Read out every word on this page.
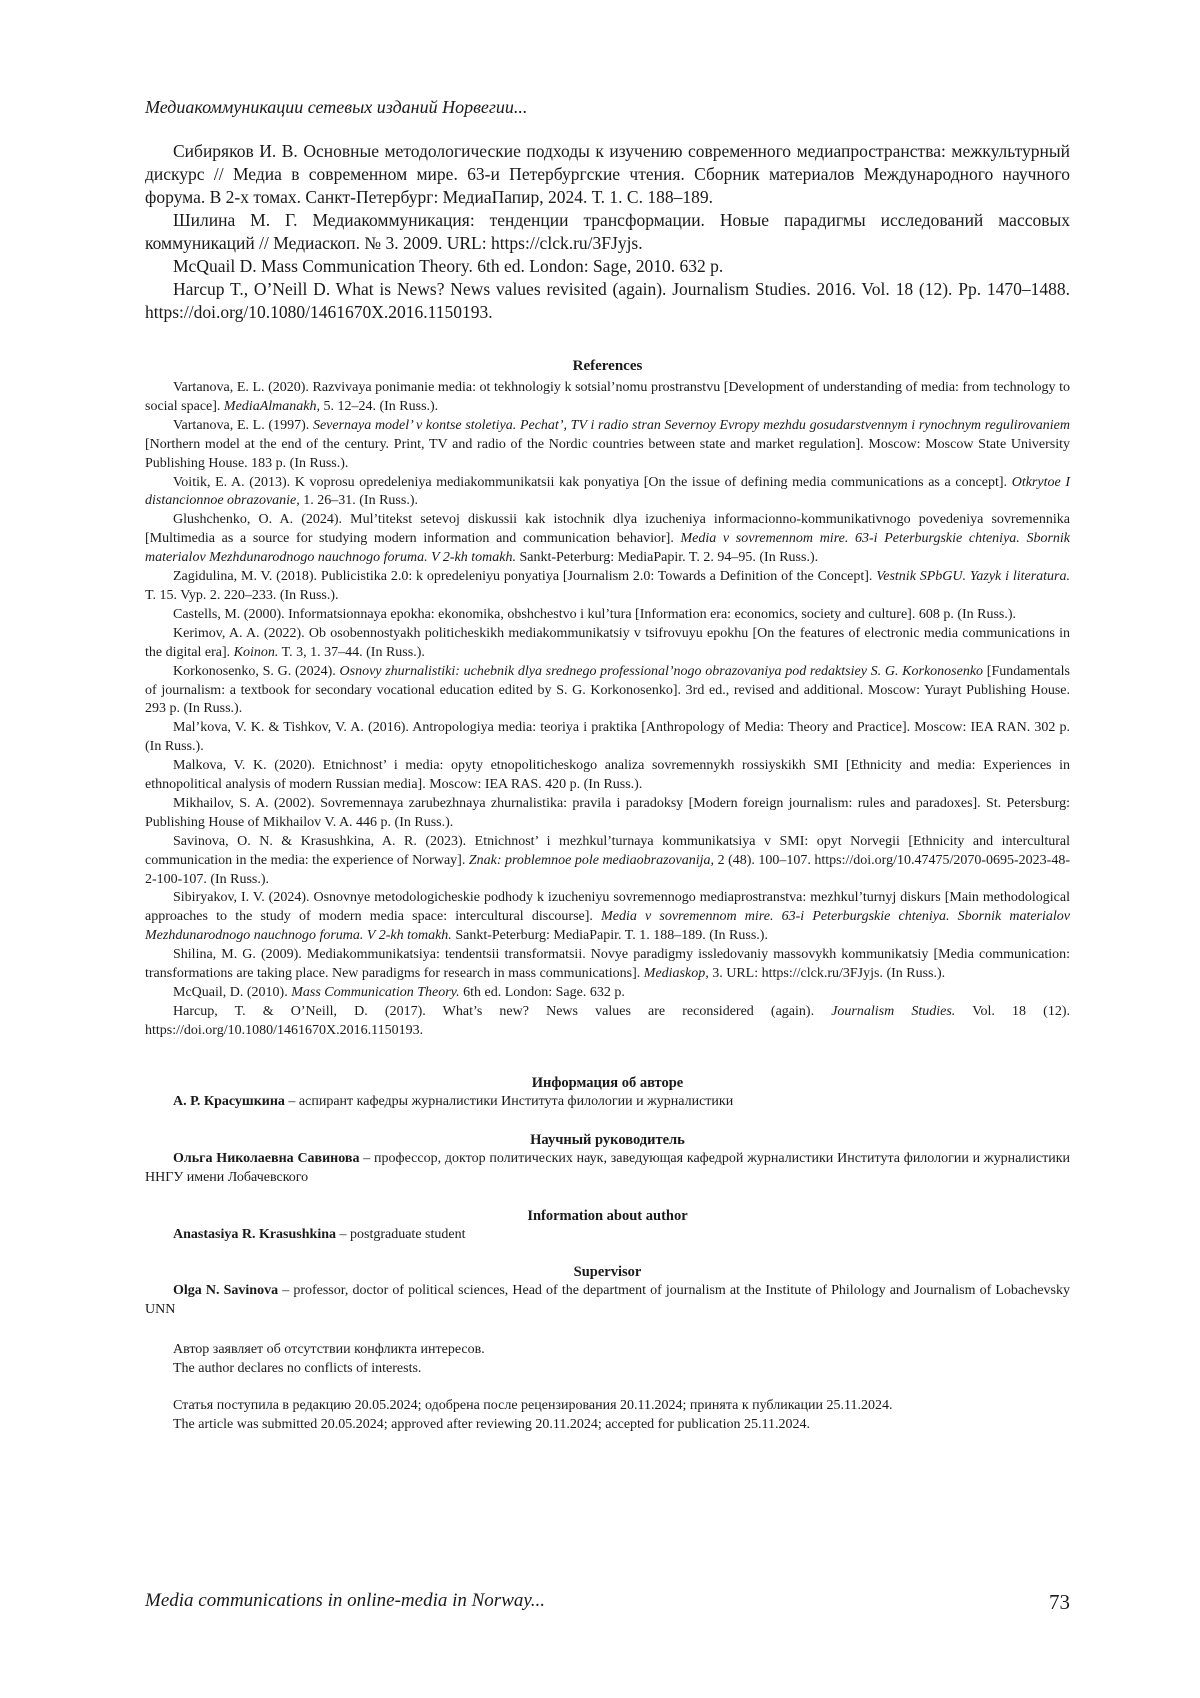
Медиакоммуникации сетевых изданий Норвегии...

Сибиряков И. В. Основные методологические подходы к изучению современного медиапространства: межкультурный дискурс // Медиа в современном мире. 63-и Петербургские чтения. Сборник материалов Международного научного форума. В 2-х томах. Санкт-Петербург: МедиаПапир, 2024. Т. 1. С. 188–189.

Шилина М. Г. Медиакоммуникация: тенденции трансформации. Новые парадигмы исследований массовых коммуникаций // Медиаскоп. № 3. 2009. URL: https://clck.ru/3FJyjs.

McQuail D. Mass Communication Theory. 6th ed. London: Sage, 2010. 632 p.

Harcup T., O’Neill D. What is News? News values revisited (again). Journalism Studies. 2016. Vol. 18 (12). Pp. 1470–1488. https://doi.org/10.1080/1461670X.2016.1150193.

References

Vartanova, E. L. (2020). Razvivaya ponimanie media: ot tekhnologiy k sotsial’nomu prostranstvu [Development of understanding of media: from technology to social space]. MediaAlmanakh, 5. 12–24. (In Russ.).

Vartanova, E. L. (1997). Severnaya model’ v kontse stoletiya. Pechat’, TV i radio stran Severnoy Evropy mezhdu gosudarstvennym i rynochnym regulirovaniem [Northern model at the end of the century. Print, TV and radio of the Nordic countries between state and market regulation]. Moscow: Moscow State University Publishing House. 183 p. (In Russ.).

Voitik, E. A. (2013). K voprosu opredeleniya mediakommunikatsii kak ponyatiya [On the issue of defining media communications as a concept]. Otkrytoe I distancionnoe obrazovanie, 1. 26–31. (In Russ.).

Glushchenko, O. A. (2024). Mul’titekst setevoj diskussii kak istochnik dlya izucheniya informacionno-kommunikativnogo povedeniya sovremennika [Multimedia as a source for studying modern information and communication behavior]. Media v sovremennom mire. 63-i Peterburgskie chteniya. Sbornik materialov Mezhdunarodnogo nauchnogo foruma. V 2-kh tomakh. Sankt-Peterburg: MediaPapir. T. 2. 94–95. (In Russ.).

Zagidulina, M. V. (2018). Publicistika 2.0: k opredeleniyu ponyatiya [Journalism 2.0: Towards a Definition of the Concept]. Vestnik SPbGU. Yazyk i literatura. T. 15. Vyp. 2. 220–233. (In Russ.).

Castells, M. (2000). Informatsionnaya epokha: ekonomika, obshchestvo i kul’tura [Information era: economics, society and culture]. 608 p. (In Russ.).

Kerimov, A. A. (2022). Ob osobennostyakh politicheskikh mediakommunikatsiy v tsifrovuyu epokhu [On the features of electronic media communications in the digital era]. Koinon. T. 3, 1. 37–44. (In Russ.).

Korkonosenko, S. G. (2024). Osnovy zhurnalistiki: uchebnik dlya srednego professional’nogo obrazovaniya pod redaktsiey S. G. Korkonosenko [Fundamentals of journalism: a textbook for secondary vocational education edited by S. G. Korkonosenko]. 3rd ed., revised and additional. Moscow: Yurayt Publishing House. 293 p. (In Russ.).

Mal’kova, V. K. & Tishkov, V. A. (2016). Antropologiya media: teoriya i praktika [Anthropology of Media: Theory and Practice]. Moscow: IEA RAN. 302 p. (In Russ.).

Malkova, V. K. (2020). Etnichnost’ i media: opyty etnopoliticheskogo analiza sovremennykh rossiyskikh SMI [Ethnicity and media: Experiences in ethnopolitical analysis of modern Russian media]. Moscow: IEA RAS. 420 p. (In Russ.).

Mikhailov, S. A. (2002). Sovremennaya zarubezhnaya zhurnalistika: pravila i paradoksy [Modern foreign journalism: rules and paradoxes]. St. Petersburg: Publishing House of Mikhailov V. A. 446 p. (In Russ.).

Savinova, O. N. & Krasushkina, A. R. (2023). Etnichnost’ i mezhkul’turnaya kommunikatsiya v SMI: opyt Norvegii [Ethnicity and intercultural communication in the media: the experience of Norway]. Znak: problemnoe pole mediaobrazovanija, 2 (48). 100–107. https://doi.org/10.47475/2070-0695-2023-48-2-100-107. (In Russ.).

Sibiryakov, I. V. (2024). Osnovnye metodologicheskie podhody k izucheniyu sovremennogo mediaprostranstva: mezhkul’turnyj diskurs [Main methodological approaches to the study of modern media space: intercultural discourse]. Media v sovremennom mire. 63-i Peterburgskie chteniya. Sbornik materialov Mezhdunarodnogo nauchnogo foruma. V 2-kh tomakh. Sankt-Peterburg: MediaPapir. T. 1. 188–189. (In Russ.).

Shilina, M. G. (2009). Mediakommunikatsiya: tendentsii transformatsii. Novye paradigmy issledovaniy massovykh kommunikatsiy [Media communication: transformations are taking place. New paradigms for research in mass communications]. Mediaskop, 3. URL: https://clck.ru/3FJyjs. (In Russ.).

McQuail, D. (2010). Mass Communication Theory. 6th ed. London: Sage. 632 p.

Harcup, T. & O’Neill, D. (2017). What’s new? News values are reconsidered (again). Journalism Studies. Vol. 18 (12). https://doi.org/10.1080/1461670X.2016.1150193.

Информация об авторе

А. Р. Красушкина – аспирант кафедры журналистики Института филологии и журналистики

Научный руководитель

Ольга Николаевна Савинова – профессор, доктор политических наук, заведующая кафедрой журналистики Института филологии и журналистики ННГУ имени Лобачевского

Information about author

Anastasiya R. Krasushkina – postgraduate student

Supervisor

Olga N. Savinova – professor, doctor of political sciences, Head of the department of journalism at the Institute of Philology and Journalism of Lobachevsky UNN

Автор заявляет об отсутствии конфликта интересов.

The author declares no conflicts of interests.

Статья поступила в редакцию 20.05.2024; одобрена после рецензирования 20.11.2024; принята к публикации 25.11.2024.

The article was submitted 20.05.2024; approved after reviewing 20.11.2024; accepted for publication 25.11.2024.

Media communications in online-media in Norway...	73
